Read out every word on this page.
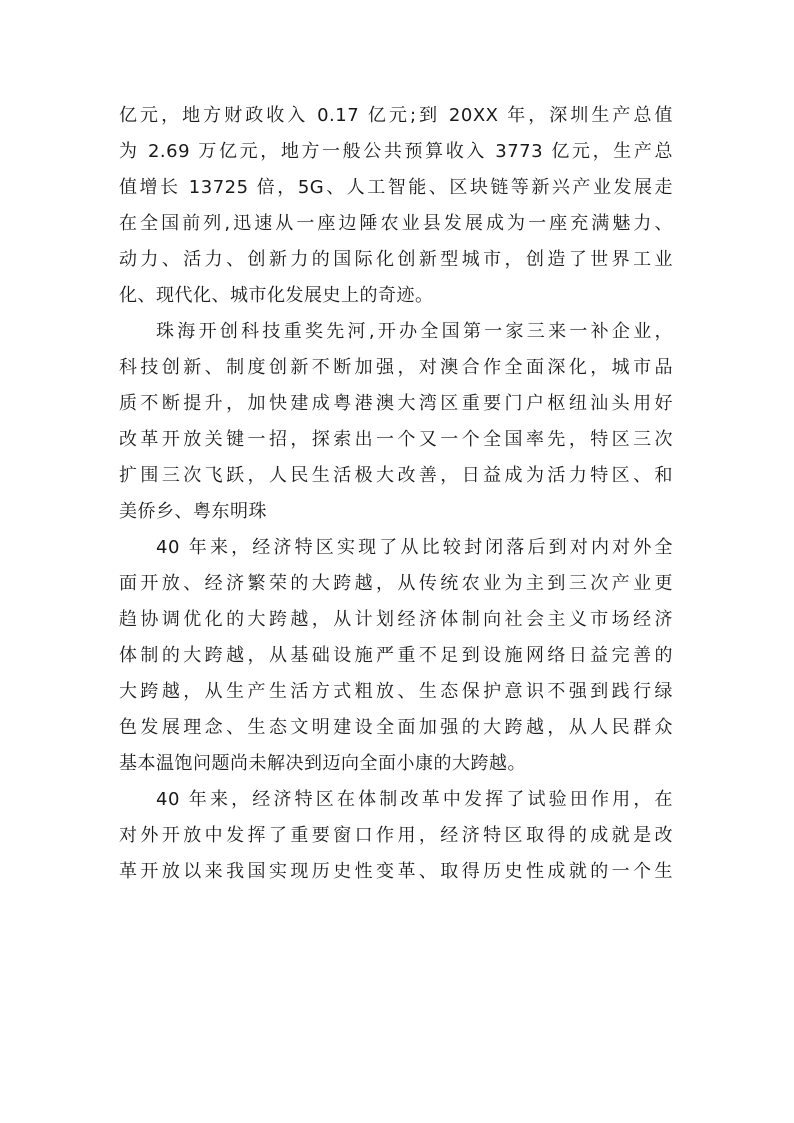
亿元，地方财政收入 0.17 亿元;到 20XX 年，深圳生产总值
为 2.69 万亿元，地方一般公共预算收入 3773 亿元，生产总
值增长 13725 倍，5G、人工智能、区块链等新兴产业发展走
在全国前列,迅速从一座边陲农业县发展成为一座充满魅力、
动力、活力、创新力的国际化创新型城市，创造了世界工业
化、现代化、城市化发展史上的奇迹。
珠海开创科技重奖先河,开办全国第一家三来一补企业，
科技创新、制度创新不断加强，对澳合作全面深化，城市品
质不断提升，加快建成粤港澳大湾区重要门户枢纽汕头用好
改革开放关键一招，探索出一个又一个全国率先，特区三次
扩围三次飞跃，人民生活极大改善，日益成为活力特区、和
美侨乡、粤东明珠
40 年来，经济特区实现了从比较封闭落后到对内对外全
面开放、经济繁荣的大跨越，从传统农业为主到三次产业更
趋协调优化的大跨越，从计划经济体制向社会主义市场经济
体制的大跨越，从基础设施严重不足到设施网络日益完善的
大跨越，从生产生活方式粗放、生态保护意识不强到践行绿
色发展理念、生态文明建设全面加强的大跨越，从人民群众
基本温饱问题尚未解决到迈向全面小康的大跨越。
40 年来，经济特区在体制改革中发挥了试验田作用，在
对外开放中发挥了重要窗口作用，经济特区取得的成就是改
革开放以来我国实现历史性变革、取得历史性成就的一个生
